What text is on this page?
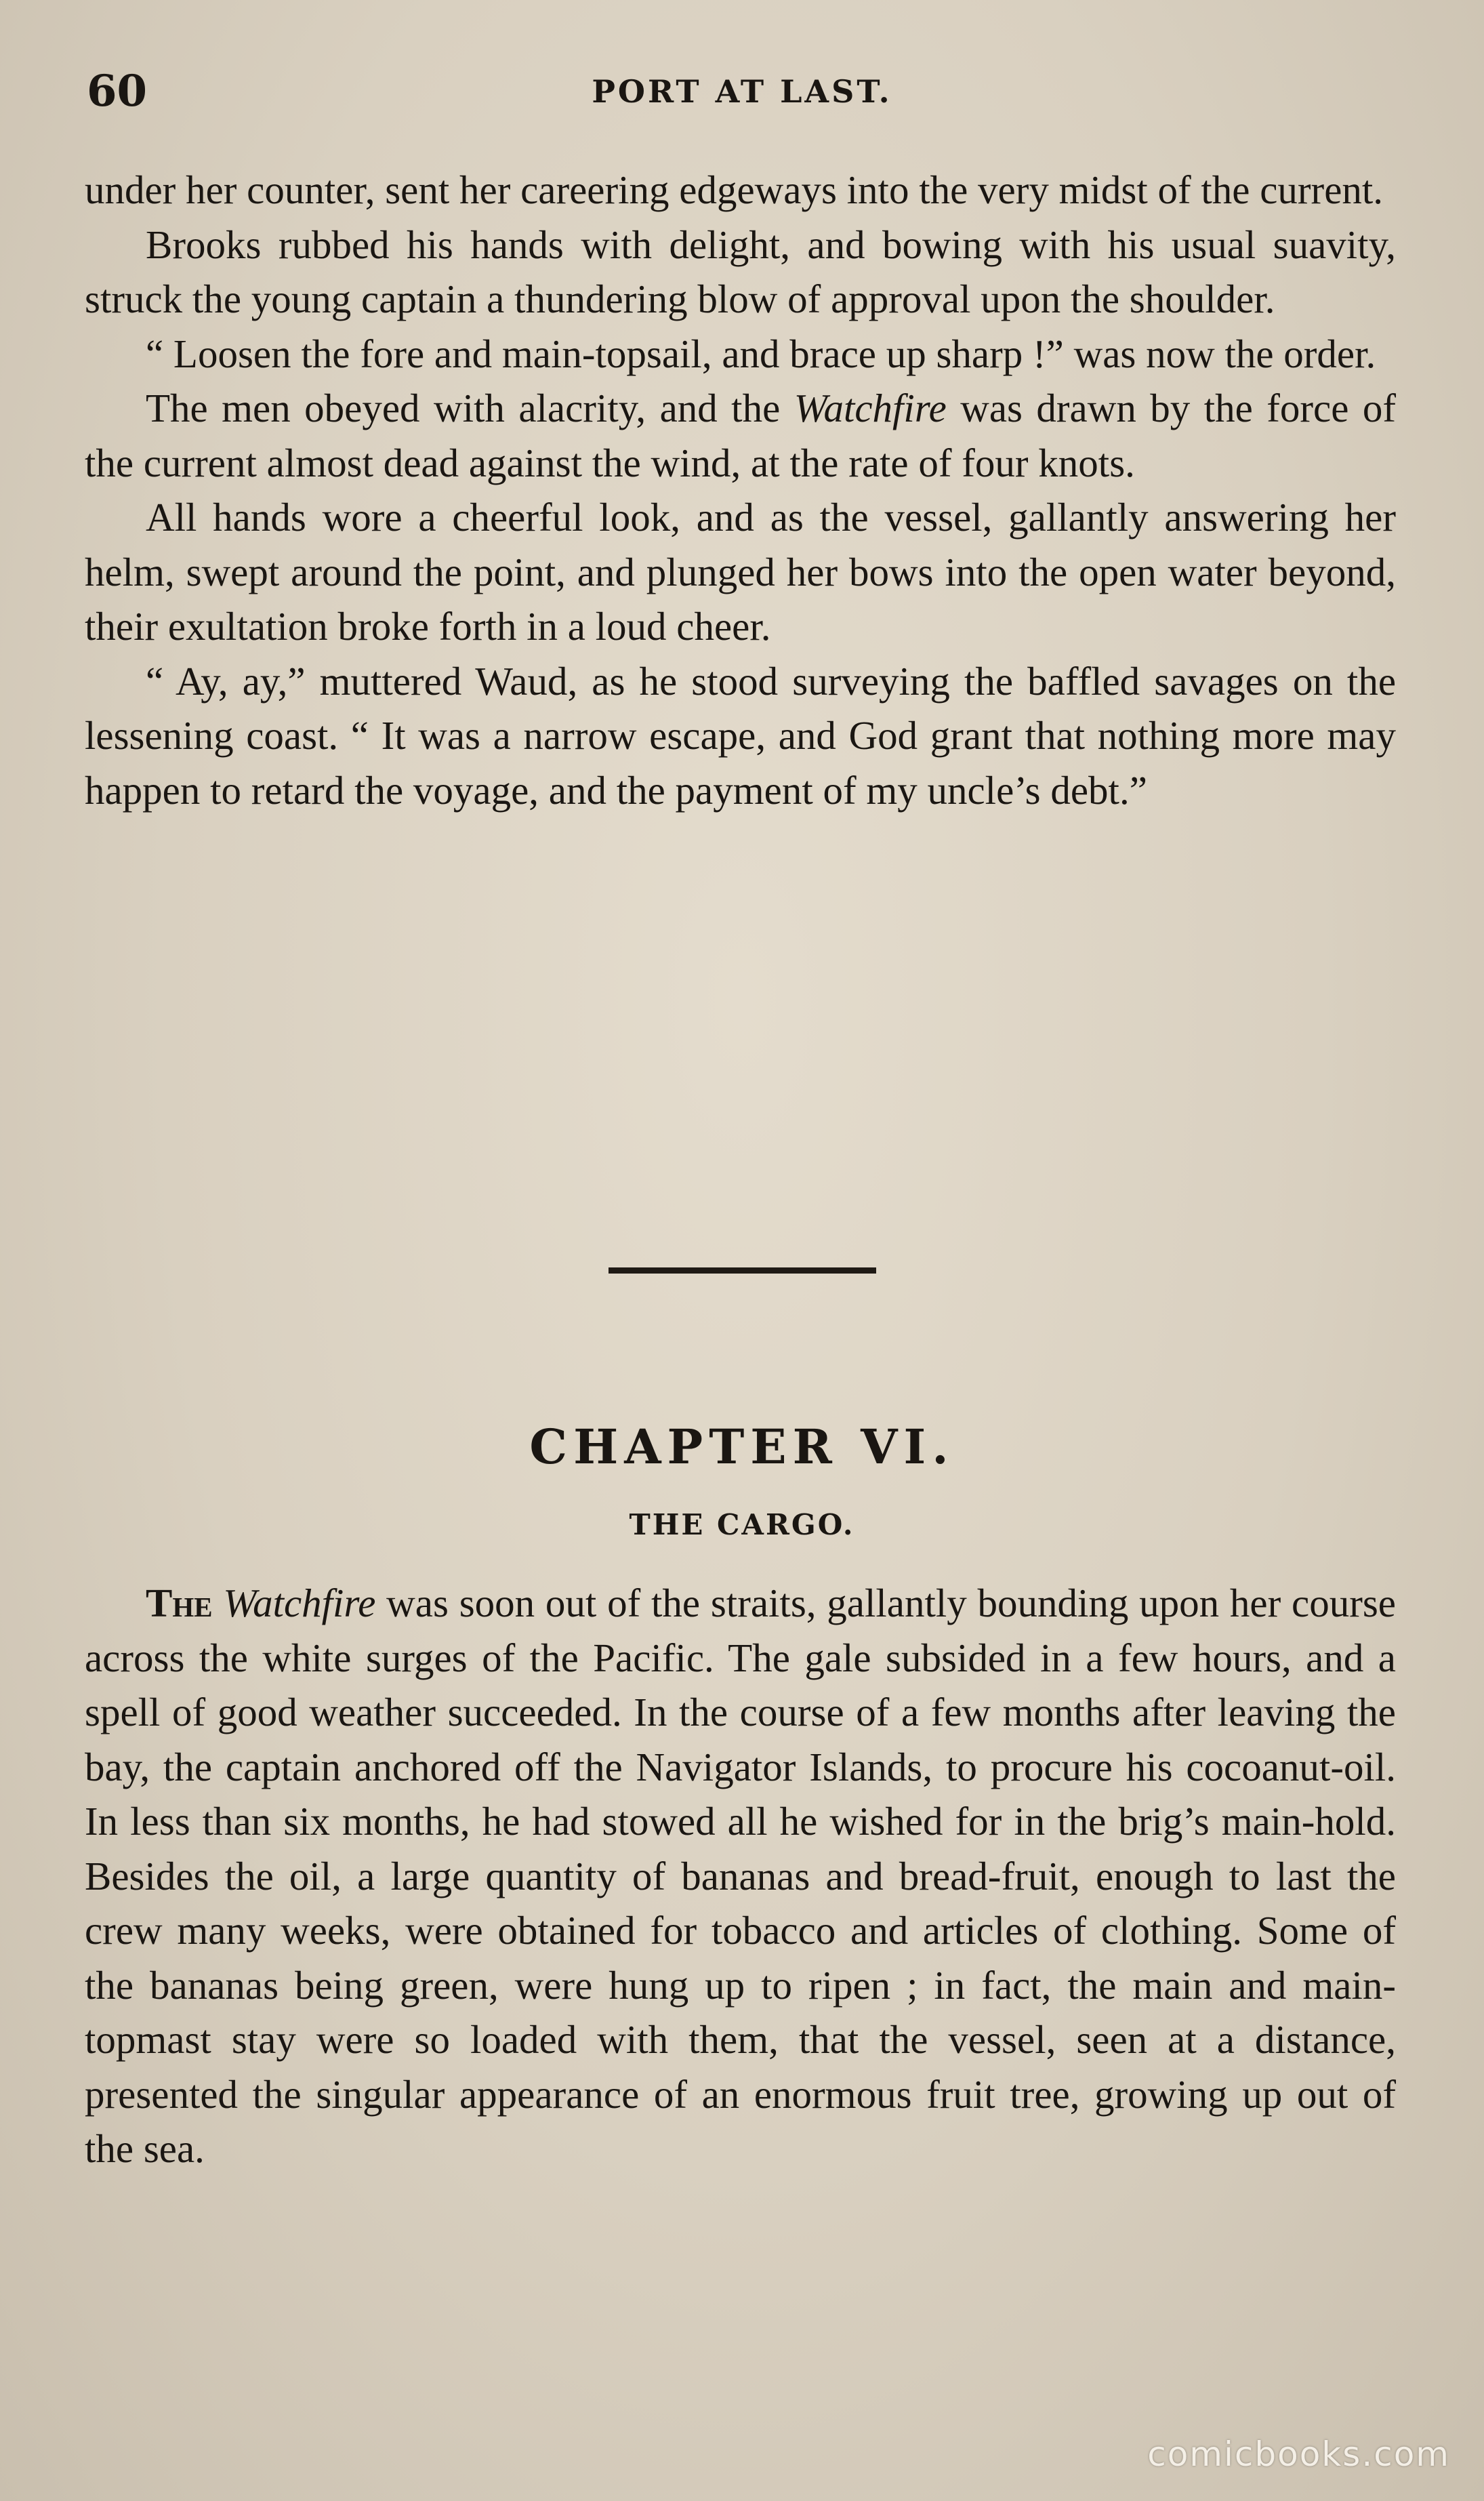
60	PORT AT LAST.

under her counter, sent her careering edgeways into the very midst of the current.

Brooks rubbed his hands with delight, and bowing with his usual suavity, struck the young captain a thundering blow of approval upon the shoulder.

“ Loosen the fore and main-topsail, and brace up sharp !” was now the order.

The men obeyed with alacrity, and the Watchfire was drawn by the force of the current almost dead against the wind, at the rate of four knots.

All hands wore a cheerful look, and as the vessel, gallantly answering her helm, swept around the point, and plunged her bows into the open water beyond, their exultation broke forth in a loud cheer.

“ Ay, ay,” muttered Waud, as he stood surveying the baffled savages on the lessening coast. “ It was a narrow escape, and God grant that nothing more may happen to retard the voyage, and the payment of my uncle’s debt.”

CHAPTER VI.
THE CARGO.

The Watchfire was soon out of the straits, gallantly bounding upon her course across the white surges of the Pacific. The gale subsided in a few hours, and a spell of good weather succeeded. In the course of a few months after leaving the bay, the captain anchored off the Navigator Islands, to procure his cocoanut-oil. In less than six months, he had stowed all he wished for in the brig’s main-hold. Besides the oil, a large quantity of bananas and bread-fruit, enough to last the crew many weeks, were obtained for tobacco and articles of clothing. Some of the bananas being green, were hung up to ripen ; in fact, the main and main-topmast stay were so loaded with them, that the vessel, seen at a distance, presented the singular appearance of an enormous fruit tree, growing up out of the sea.

comicbooks.com
